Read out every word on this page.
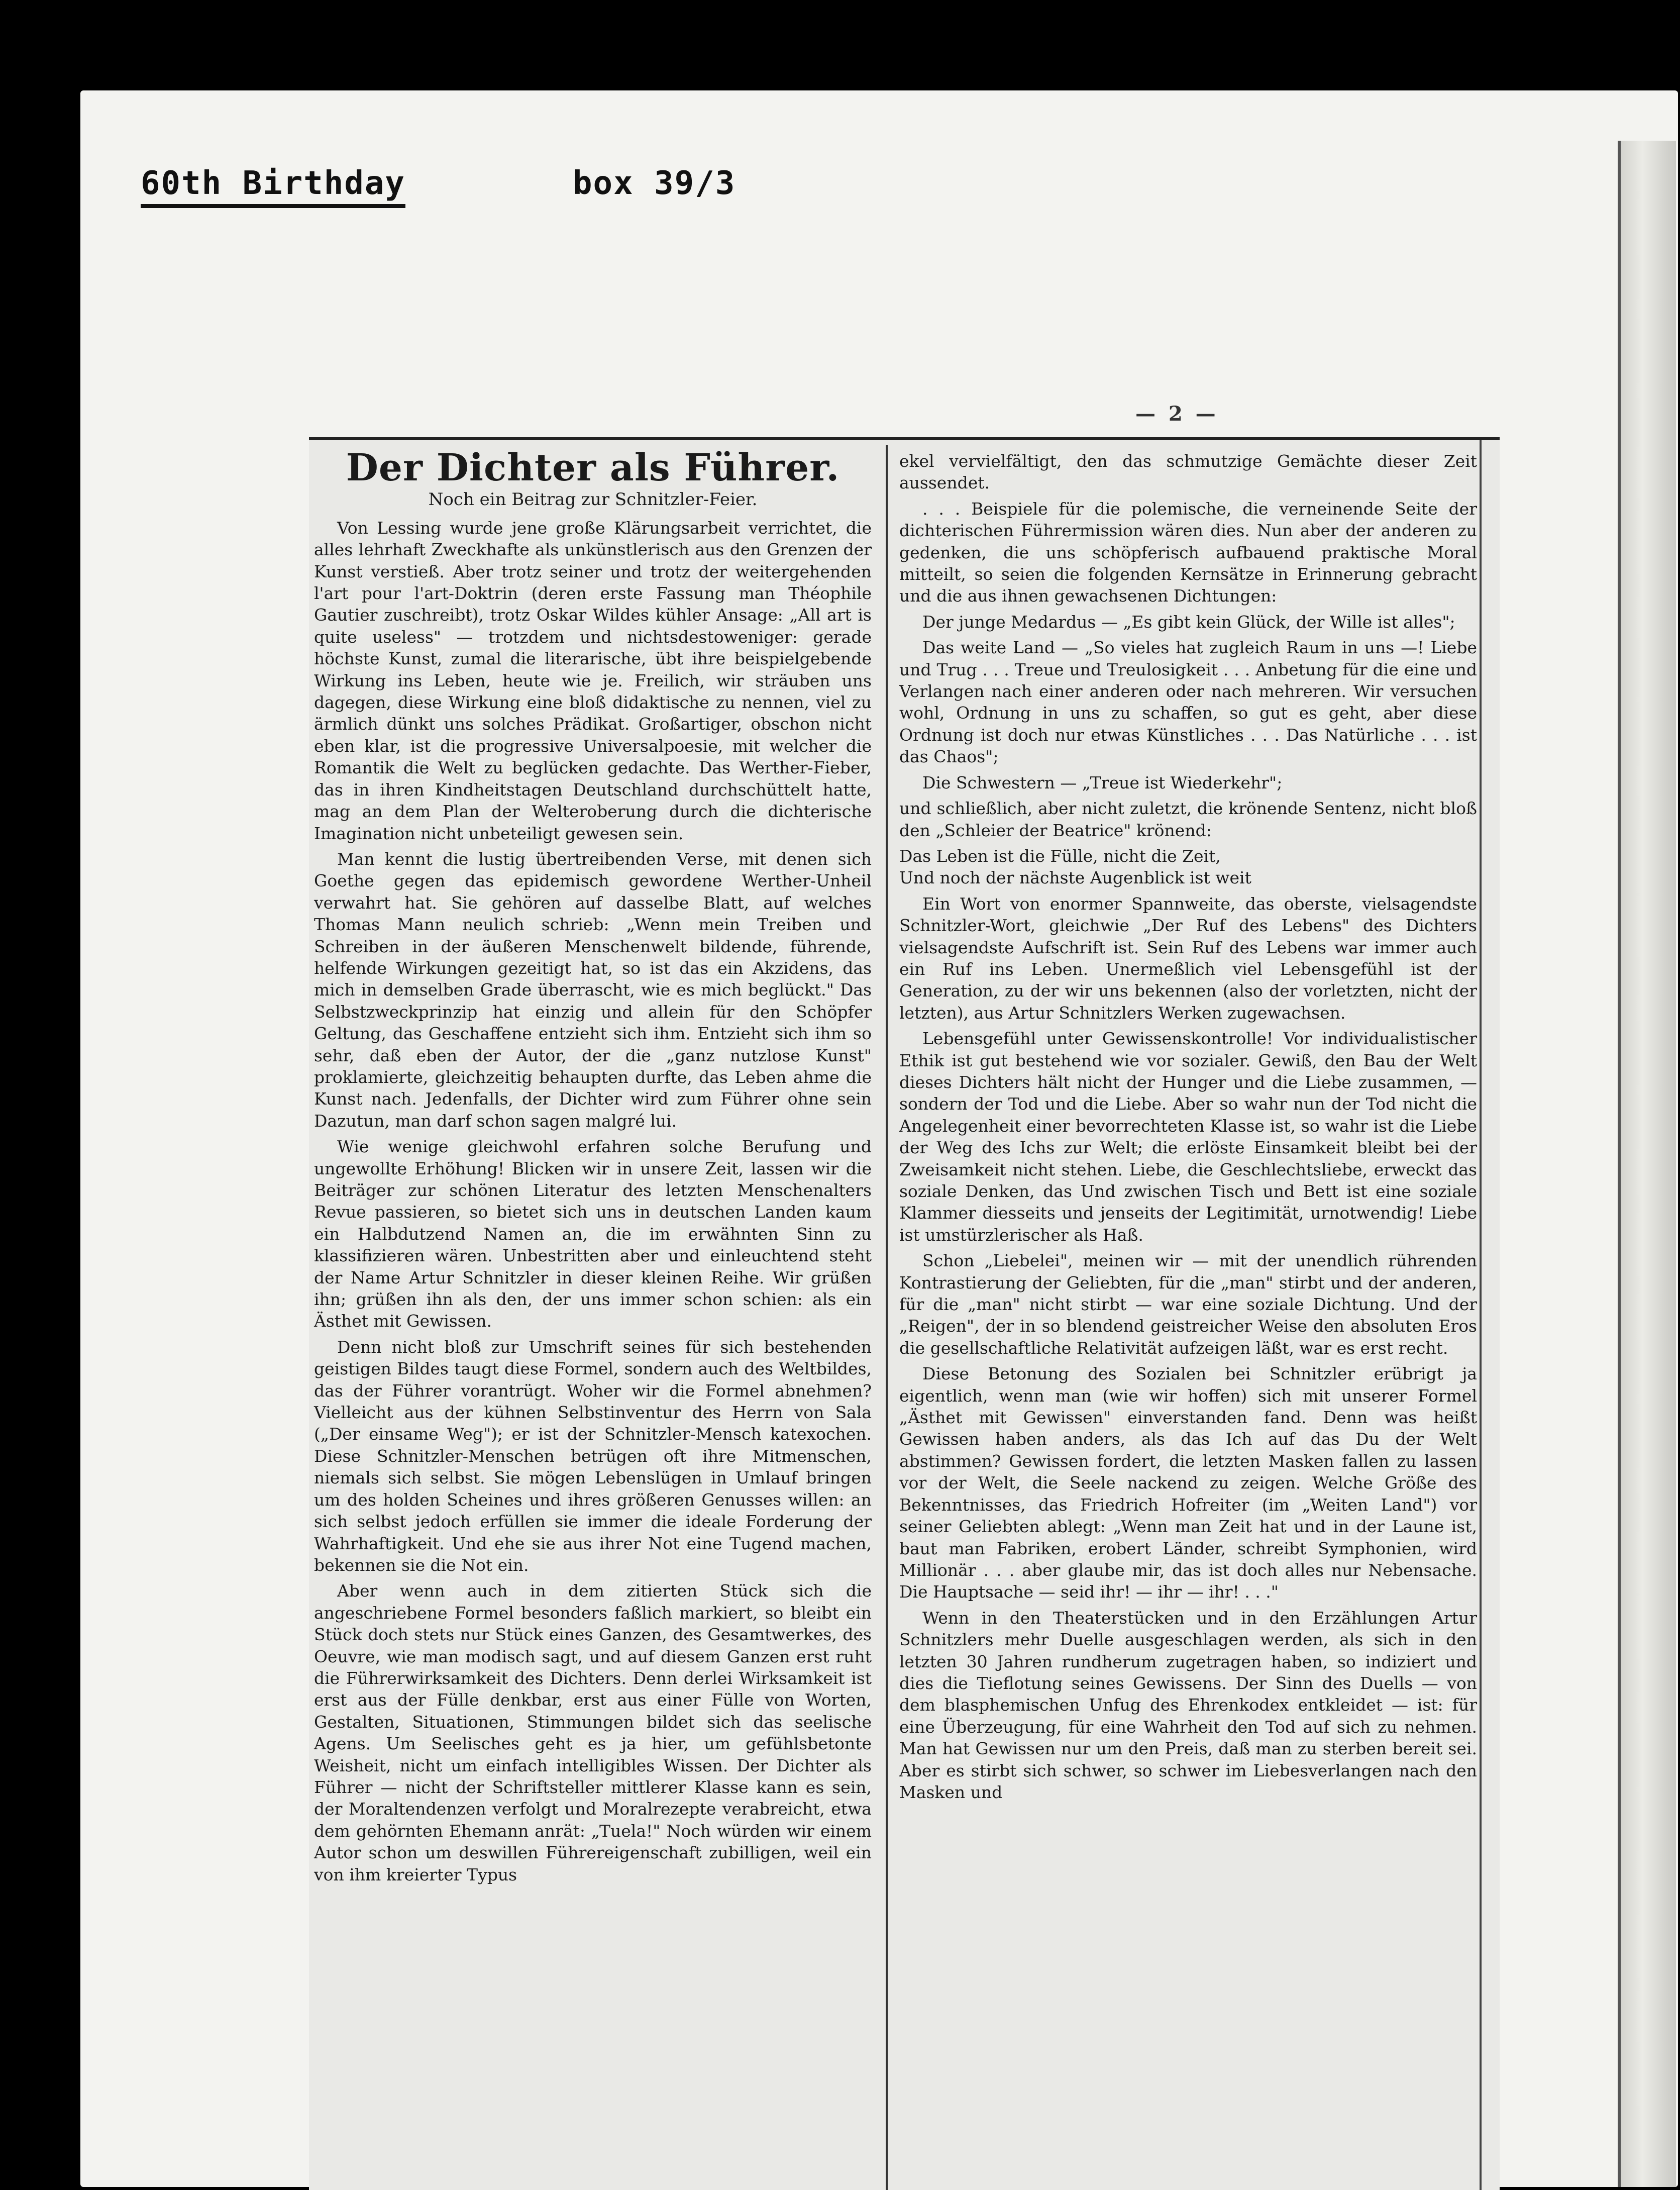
60th Birthday	box 39/3
— 2 —
Der Dichter als Führer.
Noch ein Beitrag zur Schnitzler-Feier.

Von Lessing wurde jene große Klärungsarbeit verrichtet, die alles lehrhaft Zweckhafte als unkünstlerisch aus den Grenzen der Kunst verstieß. Aber trotz seiner und trotz der weitergehenden l'art pour l'art-Doktrin (deren erste Fassung man Théophile Gautier zuschreibt), trotz Oskar Wildes kühler Ansage: „All art is quite useless" — trotzdem und nichtsdestoweniger: gerade höchste Kunst, zumal die literarische, übt ihre beispielgebende Wirkung ins Leben, heute wie je. Freilich, wir sträuben uns dagegen, diese Wirkung eine bloß didaktische zu nennen, viel zu ärmlich dünkt uns solches Prädikat. Großartiger, obschon nicht eben klar, ist die progressive Universalpoesie, mit welcher die Romantik die Welt zu beglücken gedachte. Das Werther-Fieber, das in ihren Kindheitstagen Deutschland durchschüttelt hatte, mag an dem Plan der Welteroberung durch die dichterische Imagination nicht unbeteiligt gewesen sein.

Man kennt die lustig übertreibenden Verse, mit denen sich Goethe gegen das epidemisch gewordene Werther-Unheil verwahrt hat. Sie gehören auf dasselbe Blatt, auf welches Thomas Mann neulich schrieb: „Wenn mein Treiben und Schreiben in der äußeren Menschenwelt bildende, führende, helfende Wirkungen gezeitigt hat, so ist das ein Akzidens, das mich in demselben Grade überrascht, wie es mich beglückt." Das Selbstzweckprinzip hat einzig und allein für den Schöpfer Geltung, das Geschaffene entzieht sich ihm. Entzieht sich ihm so sehr, daß eben der Autor, der die „ganz nutzlose Kunst" proklamierte, gleichzeitig behaupten durfte, das Leben ahme die Kunst nach. Jedenfalls, der Dichter wird zum Führer ohne sein Dazutun, man darf schon sagen malgré lui.

Wie wenige gleichwohl erfahren solche Berufung und ungewollte Erhöhung! Blicken wir in unsere Zeit, lassen wir die Beiträger zur schönen Literatur des letzten Menschenalters Revue passieren, so bietet sich uns in deutschen Landen kaum ein Halbdutzend Namen an, die im erwähnten Sinn zu klassifizieren wären. Unbestritten aber und einleuchtend steht der Name Artur Schnitzler in dieser kleinen Reihe. Wir grüßen ihn; grüßen ihn als den, der uns immer schon schien: als ein Ästhet mit Gewissen.

Denn nicht bloß zur Umschrift seines für sich bestehenden geistigen Bildes taugt diese Formel, sondern auch des Weltbildes, das der Führer vorantrügt. Woher wir die Formel abnehmen? Vielleicht aus der kühnen Selbstinventur des Herrn von Sala („Der einsame Weg"); er ist der Schnitzler-Mensch katexochen. Diese Schnitzler-Menschen betrügen oft ihre Mitmenschen, niemals sich selbst. Sie mögen Lebenslügen in Umlauf bringen um des holden Scheines und ihres größeren Genusses willen: an sich selbst jedoch erfüllen sie immer die ideale Forderung der Wahrhaftigkeit. Und ehe sie aus ihrer Not eine Tugend machen, bekennen sie die Not ein.

Aber wenn auch in dem zitierten Stück sich die angeschriebene Formel besonders faßlich markiert, so bleibt ein Stück doch stets nur Stück eines Ganzen, des Gesamtwerkes, des Oeuvre, wie man modisch sagt, und auf diesem Ganzen erst ruht die Führerwirksamkeit des Dichters. Denn derlei Wirksamkeit ist erst aus der Fülle denkbar, erst aus einer Fülle von Worten, Gestalten, Situationen, Stimmungen bildet sich das seelische Agens. Um Seelisches geht es ja hier, um gefühlsbetonte Weisheit, nicht um einfach intelligibles Wissen. Der Dichter als Führer — nicht der Schriftsteller mittlerer Klasse kann es sein, der Moraltendenzen verfolgt und Moralrezepte verabreicht, etwa dem gehörnten Ehemann anrät: „Tuela!" Noch würden wir einem Autor schon um deswillen Führereigenschaft zubilligen, weil ein von ihm kreierter Typus

ekel vervielfältigt, den das schmutzige Gemächte dieser Zeit aussendet.

. . . Beispiele für die polemische, die verneinende Seite der dichterischen Führermission wären dies. Nun aber der anderen zu gedenken, die uns schöpferisch aufbauend praktische Moral mitteilt, so seien die folgenden Kernsätze in Erinnerung gebracht und die aus ihnen gewachsenen Dichtungen:

Der junge Medardus — „Es gibt kein Glück, der Wille ist alles";

Das weite Land — „So vieles hat zugleich Raum in uns —! Liebe und Trug . . . Treue und Treulosigkeit . . . Anbetung für die eine und Verlangen nach einer anderen oder nach mehreren. Wir versuchen wohl, Ordnung in uns zu schaffen, so gut es geht, aber diese Ordnung ist doch nur etwas Künstliches . . . Das Natürliche . . . ist das Chaos";

Die Schwestern — „Treue ist Wiederkehr";

und schließlich, aber nicht zuletzt, die krönende Sentenz, nicht bloß den „Schleier der Beatrice" krönend:

Das Leben ist die Fülle, nicht die Zeit,
Und noch der nächste Augenblick ist weit

Ein Wort von enormer Spannweite, das oberste, vielsagendste Schnitzler-Wort, gleichwie „Der Ruf des Lebens" des Dichters vielsagendste Aufschrift ist. Sein Ruf des Lebens war immer auch ein Ruf ins Leben. Unermeßlich viel Lebensgefühl ist der Generation, zu der wir uns bekennen (also der vorletzten, nicht der letzten), aus Artur Schnitzlers Werken zugewachsen.

Lebensgefühl unter Gewissenskontrolle! Vor individualistischer Ethik ist gut bestehend wie vor sozialer. Gewiß, den Bau der Welt dieses Dichters hält nicht der Hunger und die Liebe zusammen, — sondern der Tod und die Liebe. Aber so wahr nun der Tod nicht die Angelegenheit einer bevorrechteten Klasse ist, so wahr ist die Liebe der Weg des Ichs zur Welt; die erlöste Einsamkeit bleibt bei der Zweisamkeit nicht stehen. Liebe, die Geschlechtsliebe, erweckt das soziale Denken, das Und zwischen Tisch und Bett ist eine soziale Klammer diesseits und jenseits der Legitimität, urnotwendig! Liebe ist umstürzlerischer als Haß.

Schon „Liebelei", meinen wir — mit der unendlich rührenden Kontrastierung der Geliebten, für die „man" stirbt und der anderen, für die „man" nicht stirbt — war eine soziale Dichtung. Und der „Reigen", der in so blendend geistreicher Weise den absoluten Eros die gesellschaftliche Relativität aufzeigen läßt, war es erst recht.

Diese Betonung des Sozialen bei Schnitzler erübrigt ja eigentlich, wenn man (wie wir hoffen) sich mit unserer Formel „Ästhet mit Gewissen" einverstanden fand. Denn was heißt Gewissen haben anders, als das Ich auf das Du der Welt abstimmen? Gewissen fordert, die letzten Masken fallen zu lassen vor der Welt, die Seele nackend zu zeigen. Welche Größe des Bekenntnisses, das Friedrich Hofreiter (im „Weiten Land") vor seiner Geliebten ablegt: „Wenn man Zeit hat und in der Laune ist, baut man Fabriken, erobert Länder, schreibt Symphonien, wird Millionär . . . aber glaube mir, das ist doch alles nur Nebensache. Die Hauptsache — seid ihr! — ihr — ihr! . . ."

Wenn in den Theaterstücken und in den Erzählungen Artur Schnitzlers mehr Duelle ausgeschlagen werden, als sich in den letzten 30 Jahren rundherum zugetragen haben, so indiziert und dies die Tieflotung seines Gewissens. Der Sinn des Duells — von dem blasphemischen Unfug des Ehrenkodex entkleidet — ist: für eine Überzeugung, für eine Wahrheit den Tod auf sich zu nehmen. Man hat Gewissen nur um den Preis, daß man zu sterben bereit sei. Aber es stirbt sich schwer, so schwer im Liebesverlangen nach den Masken und
